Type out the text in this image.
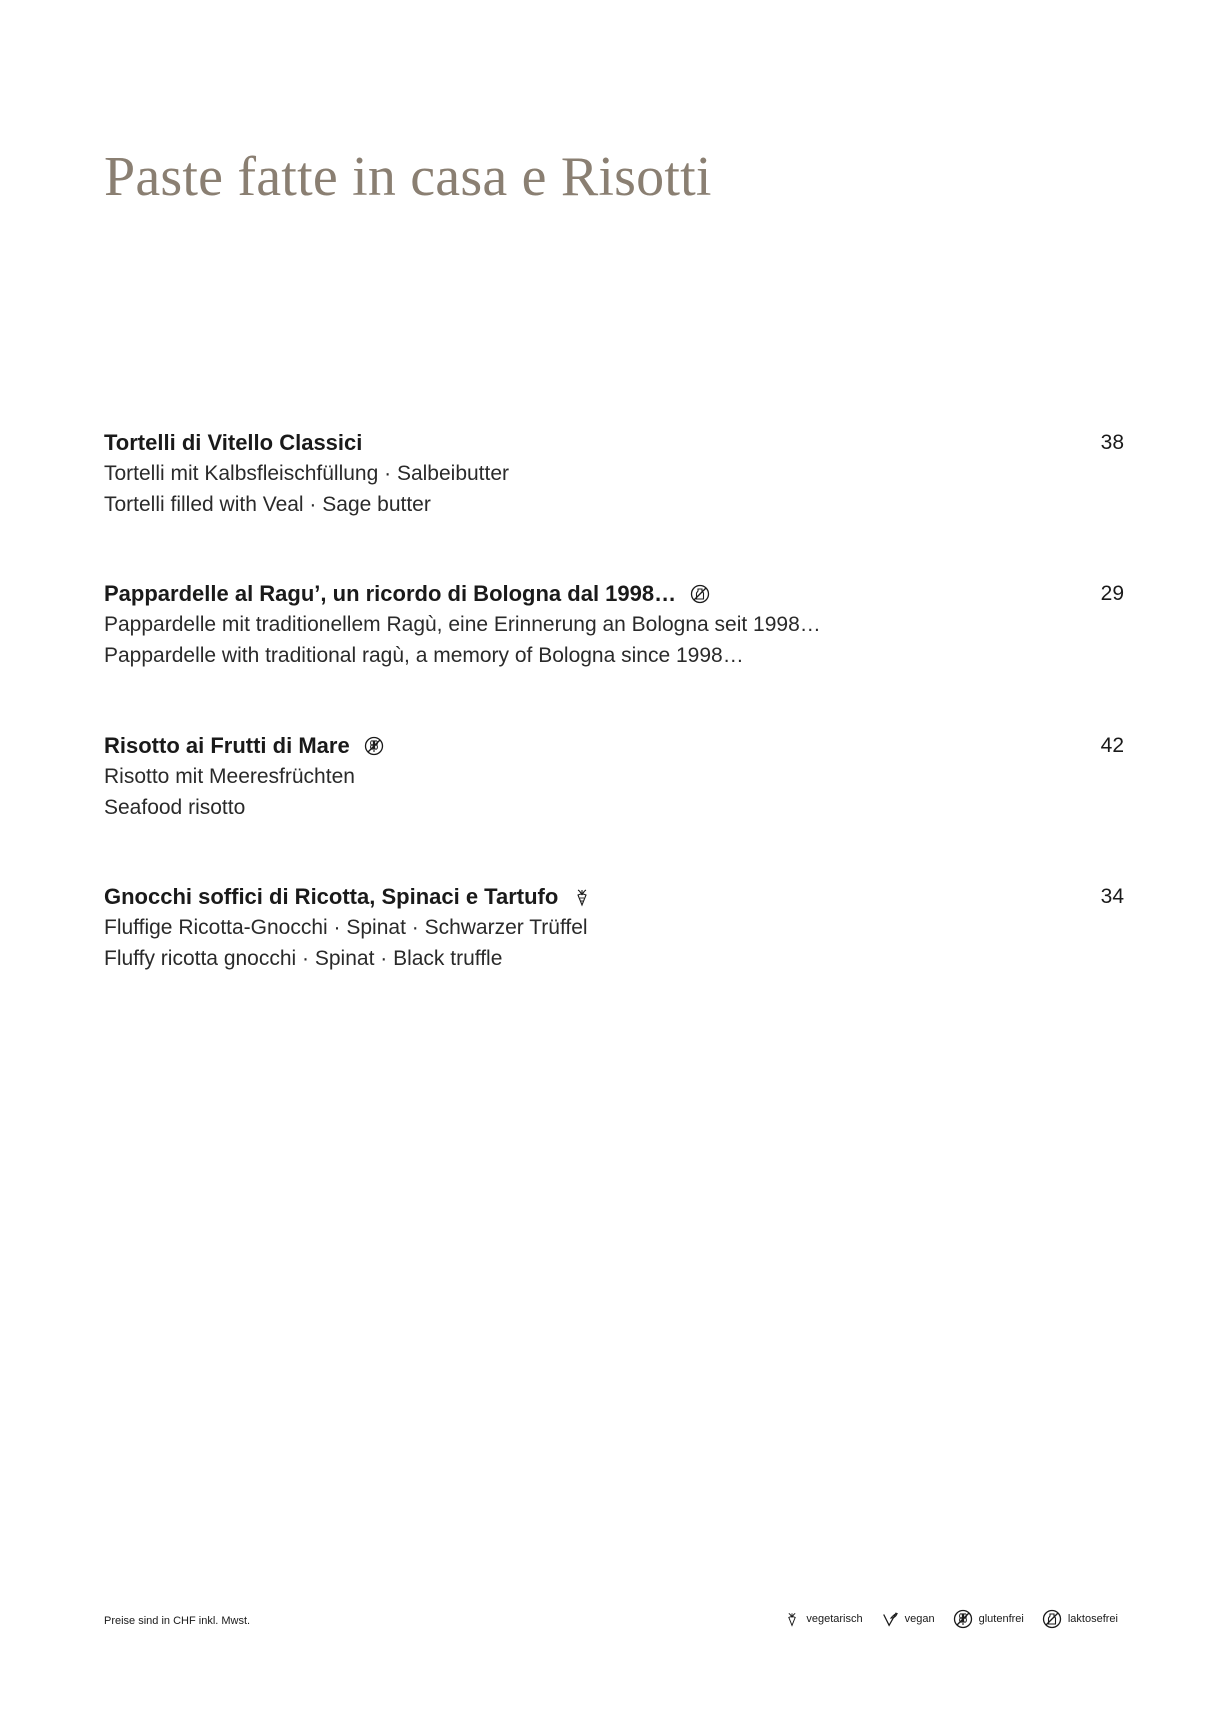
Paste fatte in casa e Risotti
Tortelli di Vitello Classici
Tortelli mit Kalbsfleischfüllung · Salbeibutter
Tortelli filled with Veal · Sage butter
38
Pappardelle al Ragu’, un ricordo di Bologna dal 1998…
Pappardelle mit traditionellem Ragù, eine Erinnerung an Bologna seit 1998…
Pappardelle with traditional ragù, a memory of Bologna since 1998…
29
Risotto ai Frutti di Mare
Risotto mit Meeresfrüchten
Seafood risotto
42
Gnocchi soffici di Ricotta, Spinaci e Tartufo
Fluffige Ricotta-Gnocchi · Spinat · Schwarzer Trüffel
Fluffy ricotta gnocchi · Spinat · Black truffle
34
Preise sind in CHF inkl. Mwst.	vegetarisch	vegan	glutenfrei	laktosefrei
